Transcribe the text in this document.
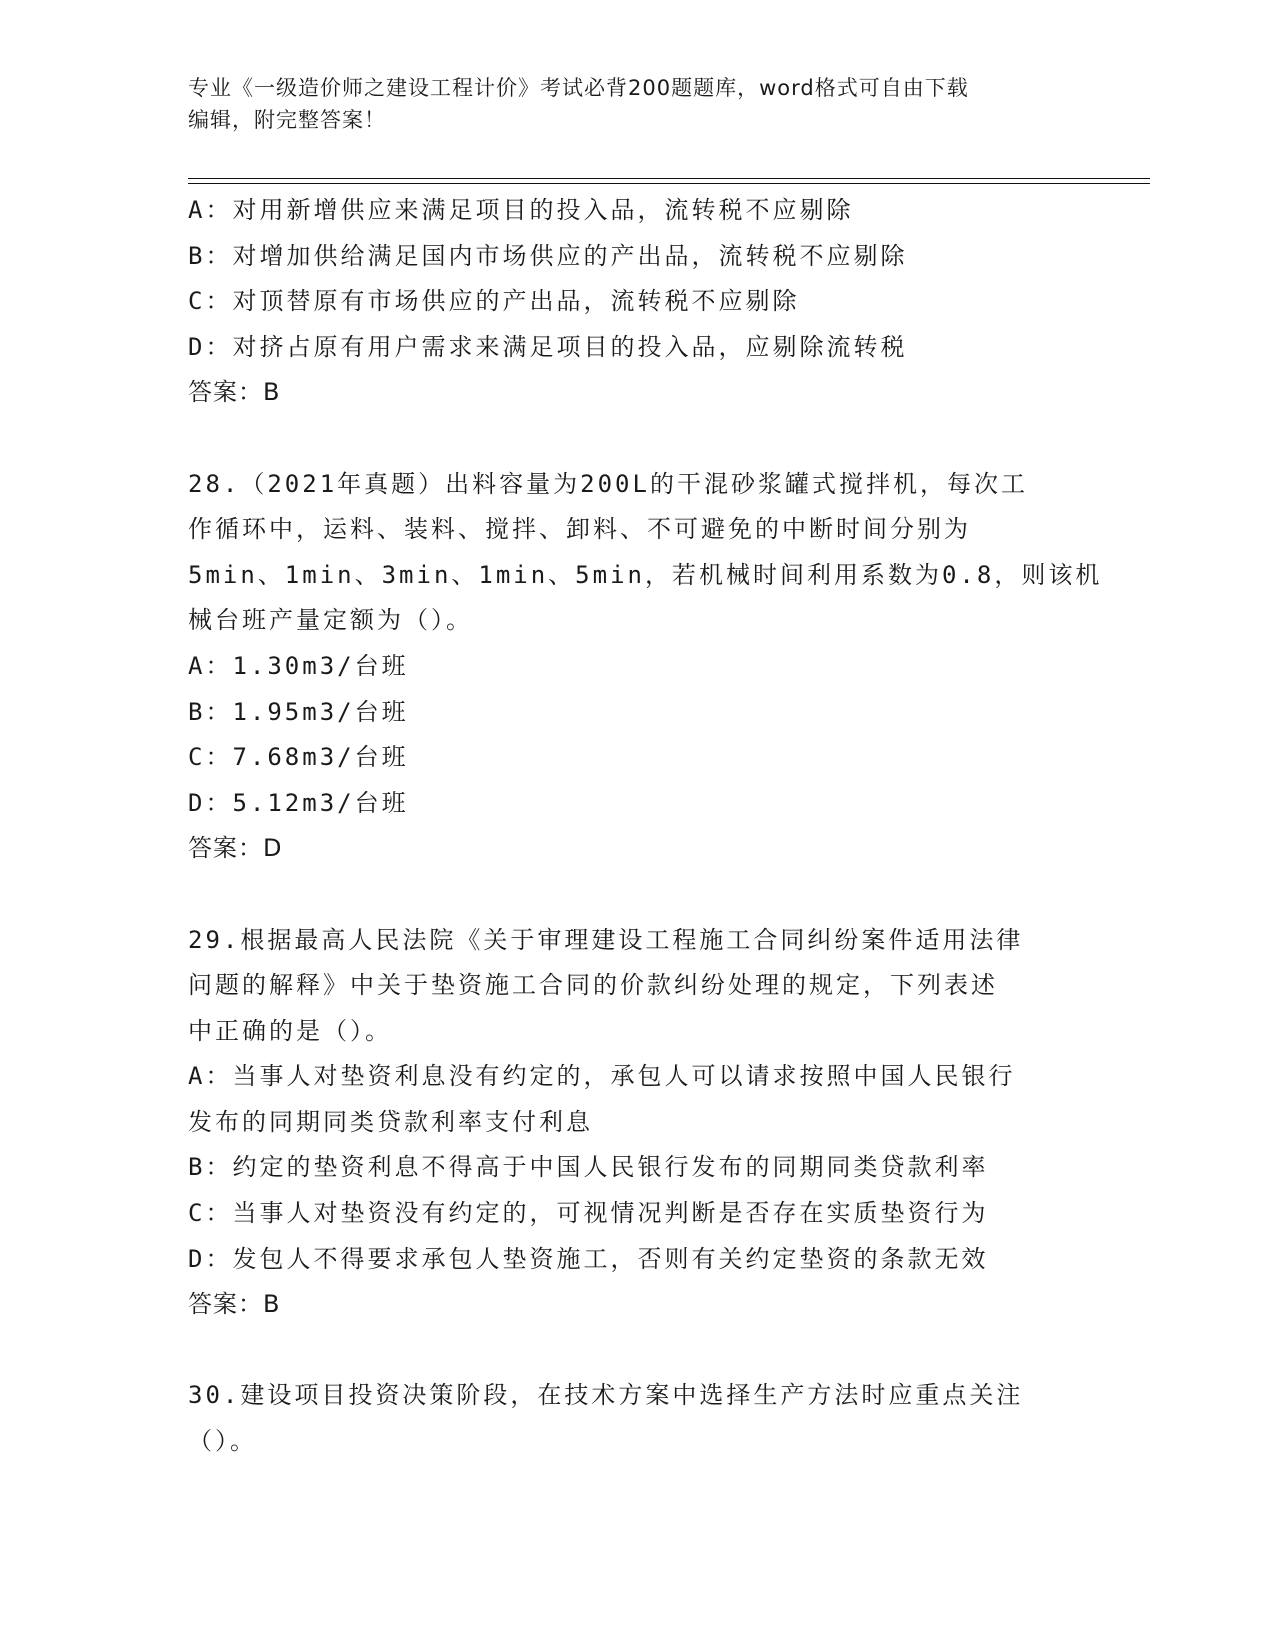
专业《一级造价师之建设工程计价》考试必背200题题库，word格式可自由下载
编辑，附完整答案！
A：对用新增供应来满足项目的投入品，流转税不应剔除
B：对增加供给满足国内市场供应的产出品，流转税不应剔除
C：对顶替原有市场供应的产出品，流转税不应剔除
D：对挤占原有用户需求来满足项目的投入品，应剔除流转税
答案：B
28.（2021年真题）出料容量为200L的干混砂浆罐式搅拌机，每次工
作循环中，运料、装料、搅拌、卸料、不可避免的中断时间分别为
5min、1min、3min、1min、5min，若机械时间利用系数为0.8，则该机
械台班产量定额为（）。
A：1.30m3/台班
B：1.95m3/台班
C：7.68m3/台班
D：5.12m3/台班
答案：D
29.根据最高人民法院《关于审理建设工程施工合同纠纷案件适用法律
问题的解释》中关于垫资施工合同的价款纠纷处理的规定，下列表述
中正确的是（）。
A：当事人对垫资利息没有约定的，承包人可以请求按照中国人民银行
发布的同期同类贷款利率支付利息
B：约定的垫资利息不得高于中国人民银行发布的同期同类贷款利率
C：当事人对垫资没有约定的，可视情况判断是否存在实质垫资行为
D：发包人不得要求承包人垫资施工，否则有关约定垫资的条款无效
答案：B
30.建设项目投资决策阶段，在技术方案中选择生产方法时应重点关注
（）。
